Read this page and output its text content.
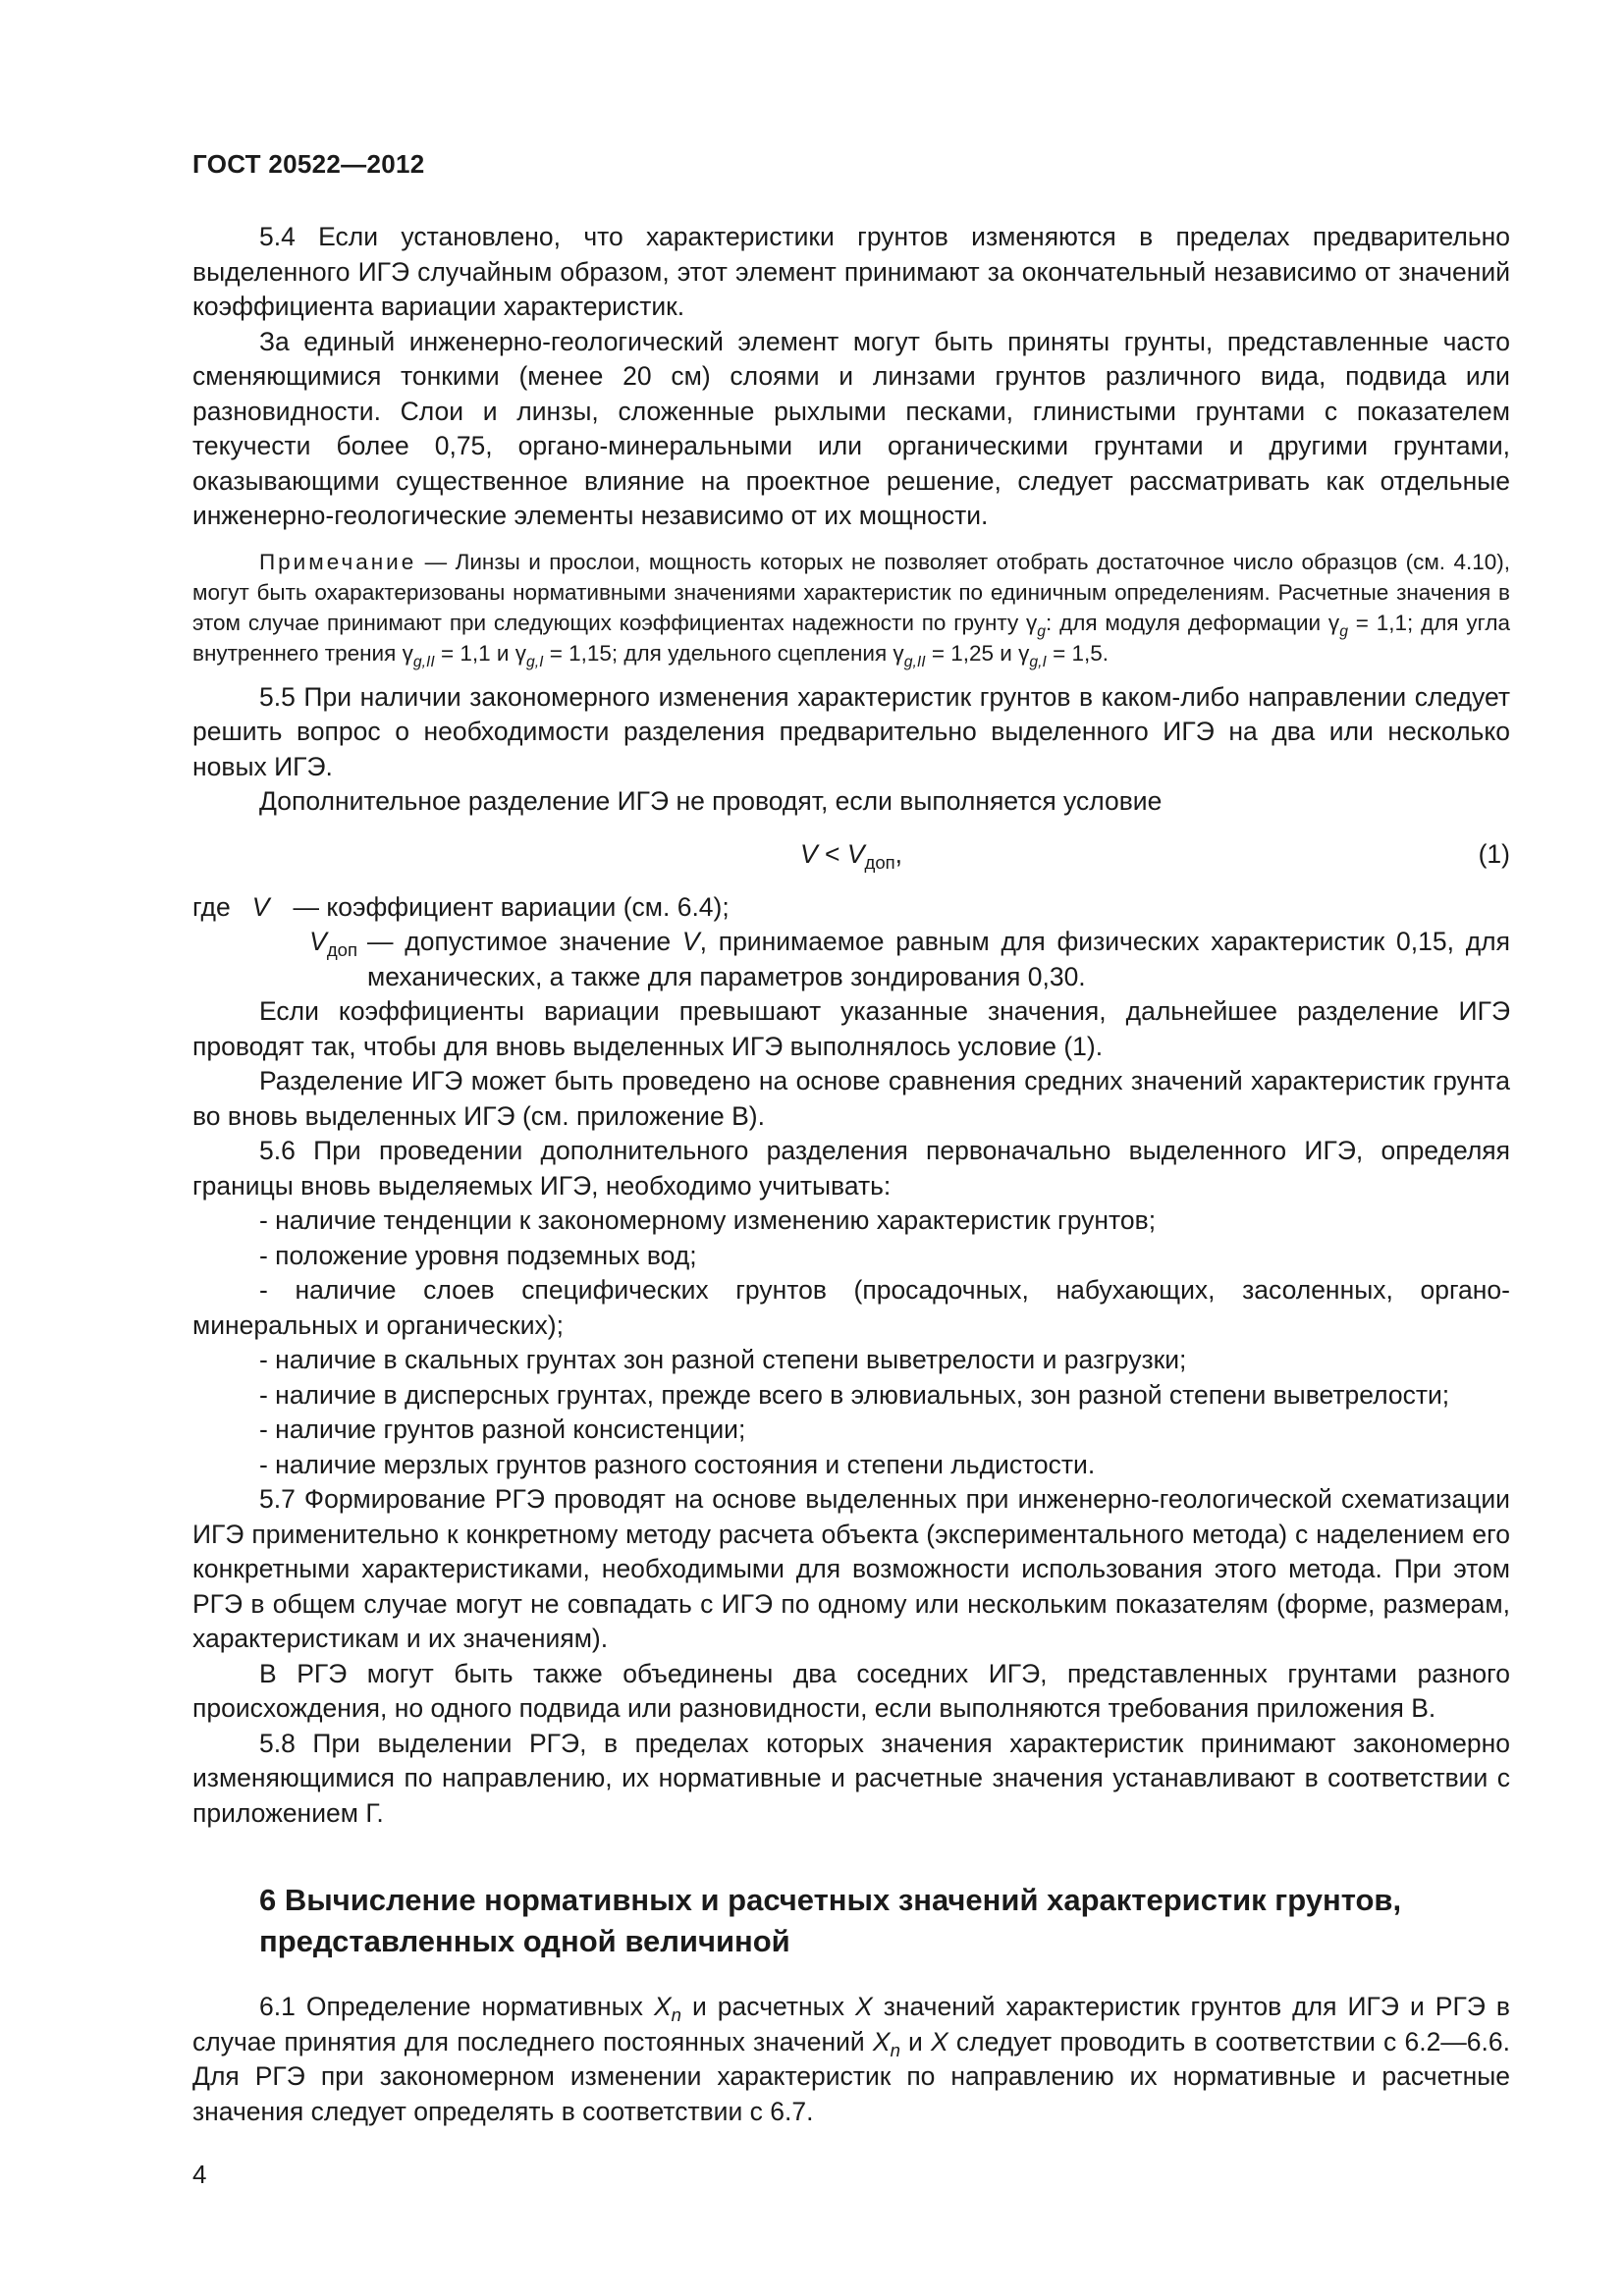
ГОСТ 20522—2012

5.4 Если установлено, что характеристики грунтов изменяются в пределах предварительно выделенного ИГЭ случайным образом, этот элемент принимают за окончательный независимо от значений коэффициента вариации характеристик.

За единый инженерно-геологический элемент могут быть приняты грунты, представленные часто сменяющимися тонкими (менее 20 см) слоями и линзами грунтов различного вида, подвида или разновидности. Слои и линзы, сложенные рыхлыми песками, глинистыми грунтами с показателем текучести более 0,75, органо-минеральными или органическими грунтами и другими грунтами, оказывающими существенное влияние на проектное решение, следует рассматривать как отдельные инженерно-геологические элементы независимо от их мощности.

Примечание — Линзы и прослои, мощность которых не позволяет отобрать достаточное число образцов (см. 4.10), могут быть охарактеризованы нормативными значениями характеристик по единичным определениям. Расчетные значения в этом случае принимают при следующих коэффициентах надежности по грунту $\gamma_g$: для модуля деформации $\gamma_g = 1,1$; для угла внутреннего трения $\gamma_{g,II} = 1,1$ и $\gamma_{g,I} = 1,15$; для удельного сцепления $\gamma_{g,II} = 1,25$ и $\gamma_{g,I} = 1,5$.

5.5 При наличии закономерного изменения характеристик грунтов в каком-либо направлении следует решить вопрос о необходимости разделения предварительно выделенного ИГЭ на два или несколько новых ИГЭ.

Дополнительное разделение ИГЭ не проводят, если выполняется условие

$V < V_{доп}$,	(1)
где V — коэффициент вариации (см. 6.4);
$V_{доп}$ — допустимое значение V, принимаемое равным для физических характеристик 0,15, для механических, а также для параметров зондирования 0,30.

Если коэффициенты вариации превышают указанные значения, дальнейшее разделение ИГЭ проводят так, чтобы для вновь выделенных ИГЭ выполнялось условие (1).

Разделение ИГЭ может быть проведено на основе сравнения средних значений характеристик грунта во вновь выделенных ИГЭ (см. приложение В).

5.6 При проведении дополнительного разделения первоначально выделенного ИГЭ, определяя границы вновь выделяемых ИГЭ, необходимо учитывать:

- наличие тенденции к закономерному изменению характеристик грунтов;

- положение уровня подземных вод;

- наличие слоев специфических грунтов (просадочных, набухающих, засоленных, органо-минеральных и органических);

- наличие в скальных грунтах зон разной степени выветрелости и разгрузки;

- наличие в дисперсных грунтах, прежде всего в элювиальных, зон разной степени выветрелости;

- наличие грунтов разной консистенции;

- наличие мерзлых грунтов разного состояния и степени льдистости.

5.7 Формирование РГЭ проводят на основе выделенных при инженерно-геологической схематизации ИГЭ применительно к конкретному методу расчета объекта (экспериментального метода) с наделением его конкретными характеристиками, необходимыми для возможности использования этого метода. При этом РГЭ в общем случае могут не совпадать с ИГЭ по одному или нескольким показателям (форме, размерам, характеристикам и их значениям).

В РГЭ могут быть также объединены два соседних ИГЭ, представленных грунтами разного происхождения, но одного подвида или разновидности, если выполняются требования приложения В.

5.8 При выделении РГЭ, в пределах которых значения характеристик принимают закономерно изменяющимися по направлению, их нормативные и расчетные значения устанавливают в соответствии с приложением Г.

6 Вычисление нормативных и расчетных значений характеристик грунтов, представленных одной величиной

6.1 Определение нормативных $X_n$ и расчетных X значений характеристик грунтов для ИГЭ и РГЭ в случае принятия для последнего постоянных значений $X_n$ и X следует проводить в соответствии с 6.2—6.6. Для РГЭ при закономерном изменении характеристик по направлению их нормативные и расчетные значения следует определять в соответствии с 6.7.

4
